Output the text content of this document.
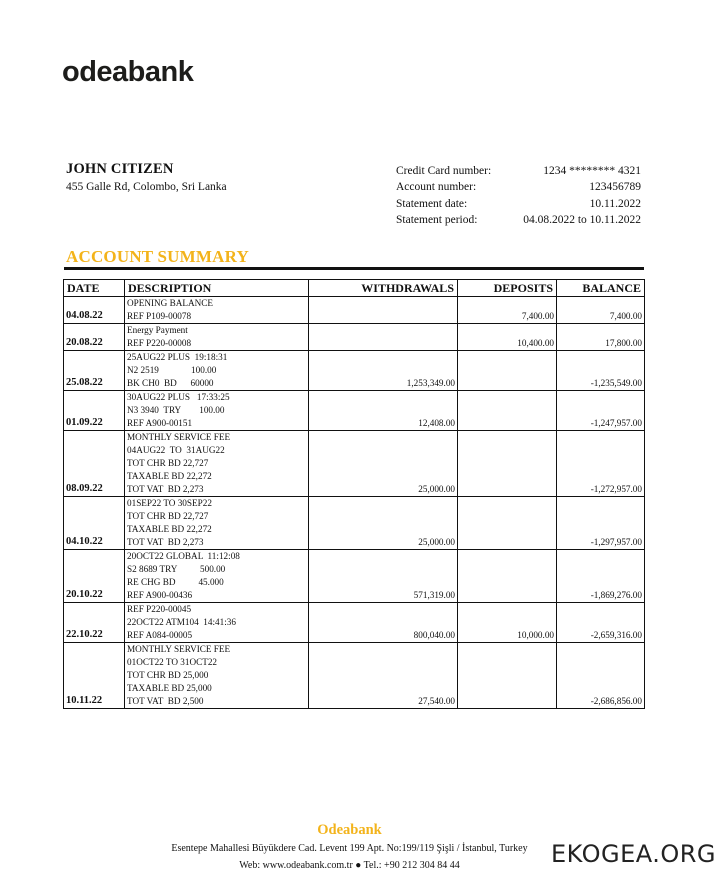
odeabank
JOHN CITIZEN
455 Galle Rd, Colombo, Sri Lanka
Credit Card number:	1234 ******** 4321
Account number:	123456789
Statement date:	10.11.2022
Statement period:	04.08.2022 to 10.11.2022
ACCOUNT SUMMARY
DATE	DESCRIPTION	WITHDRAWALS	DEPOSITS	BALANCE
04.08.22	OPENING BALANCE
REF P109-00078		7,400.00	7,400.00
20.08.22	Energy Payment
REF P220-00008		10,400.00	17,800.00
25.08.22	25AUG22 PLUS  19:18:31
N2 2519              100.00
BK CH0  BD      60000	1,253,349.00		-1,235,549.00
01.09.22	30AUG22 PLUS   17:33:25
N3 3940  TRY        100.00
REF A900-00151	12,408.00		-1,247,957.00
08.09.22	MONTHLY SERVICE FEE
04AUG22  TO  31AUG22
TOT CHR BD 22,727
TAXABLE BD 22,272
TOT VAT  BD 2,273	25,000.00		-1,272,957.00
04.10.22	01SEP22 TO 30SEP22
TOT CHR BD 22,727
TAXABLE BD 22,272
TOT VAT  BD 2,273	25,000.00		-1,297,957.00
20.10.22	20OCT22 GLOBAL  11:12:08
S2 8689 TRY          500.00
RE CHG BD          45.000
REF A900-00436	571,319.00		-1,869,276.00
22.10.22	REF P220-00045
22OCT22 ATM104  14:41:36
REF A084-00005	800,040.00	10,000.00	-2,659,316.00
10.11.22	MONTHLY SERVICE FEE
01OCT22 TO 31OCT22
TOT CHR BD 25,000
TAXABLE BD 25,000
TOT VAT  BD 2,500	27,540.00		-2,686,856.00
Odeabank
Esentepe Mahallesi Büyükdere Cad. Levent 199 Apt. No:199/119 Şişli / İstanbul, Turkey
Web: www.odeabank.com.tr ● Tel.: +90 212 304 84 44	EKOGEA.ORG
